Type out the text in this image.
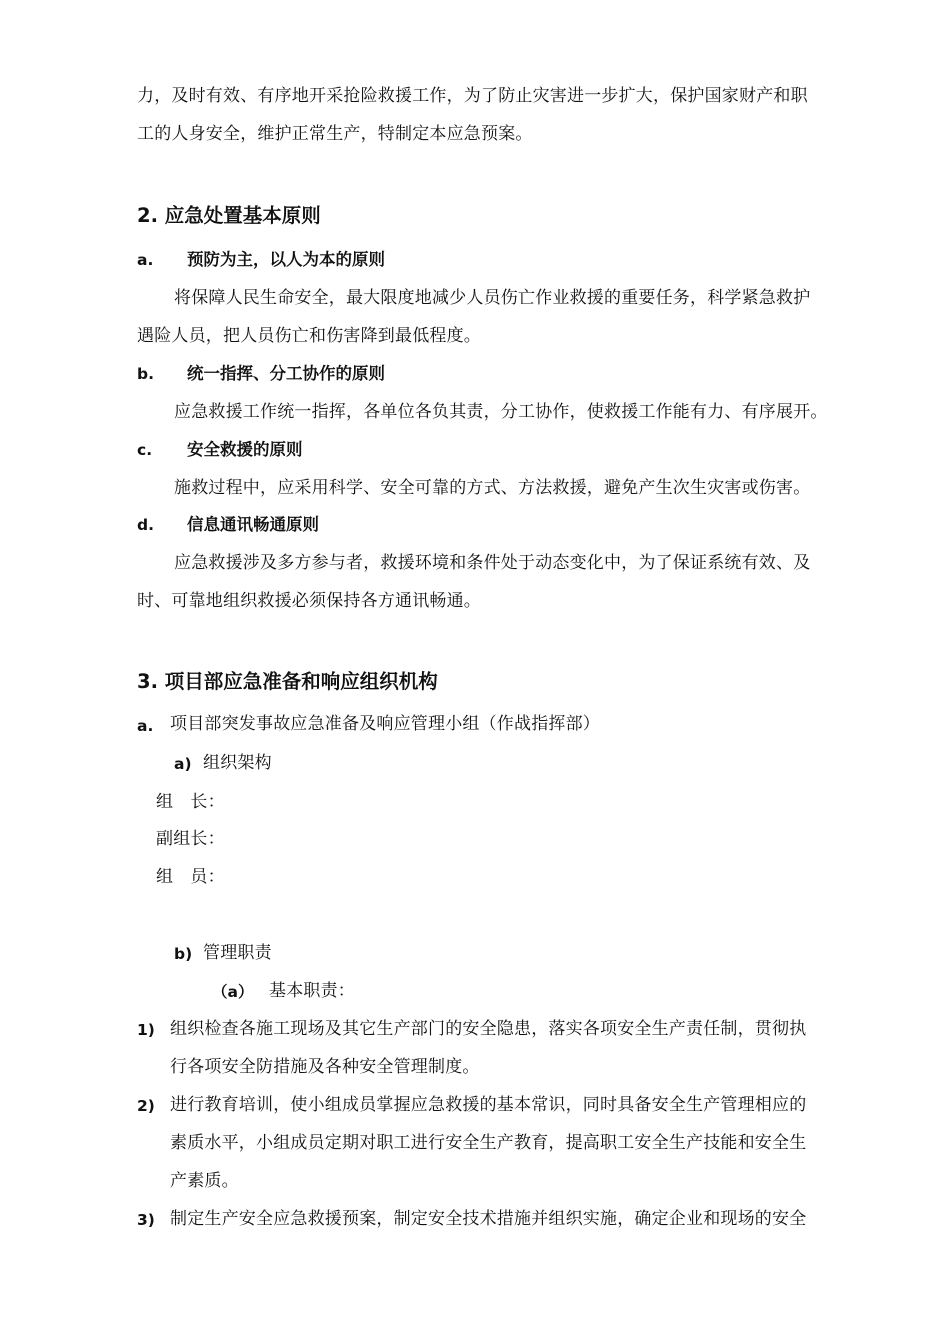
力，及时有效、有序地开采抢险救援工作，为了防止灾害进一步扩大，保护国家财产和职
工的人身安全，维护正常生产，特制定本应急预案。
2. 应急处置基本原则
a. 预防为主，以人为本的原则
将保障人民生命安全，最大限度地减少人员伤亡作业救援的重要任务，科学紧急救护
遇险人员，把人员伤亡和伤害降到最低程度。
b. 统一指挥、分工协作的原则
应急救援工作统一指挥，各单位各负其责，分工协作，使救援工作能有力、有序展开。
c. 安全救援的原则
施救过程中，应采用科学、安全可靠的方式、方法救援，避免产生次生灾害或伤害。
d. 信息通讯畅通原则
应急救援涉及多方参与者，救援环境和条件处于动态变化中，为了保证系统有效、及
时、可靠地组织救援必须保持各方通讯畅通。
3. 项目部应急准备和响应组织机构
a. 项目部突发事故应急准备及响应管理小组（作战指挥部）
a) 组织架构
组　长：
副组长：
组　员：
b) 管理职责
（a） 基本职责：
1) 组织检查各施工现场及其它生产部门的安全隐患，落实各项安全生产责任制，贯彻执
行各项安全防措施及各种安全管理制度。
2) 进行教育培训，使小组成员掌握应急救援的基本常识，同时具备安全生产管理相应的
素质水平，小组成员定期对职工进行安全生产教育，提高职工安全生产技能和安全生
产素质。
3) 制定生产安全应急救援预案，制定安全技术措施并组织实施，确定企业和现场的安全
